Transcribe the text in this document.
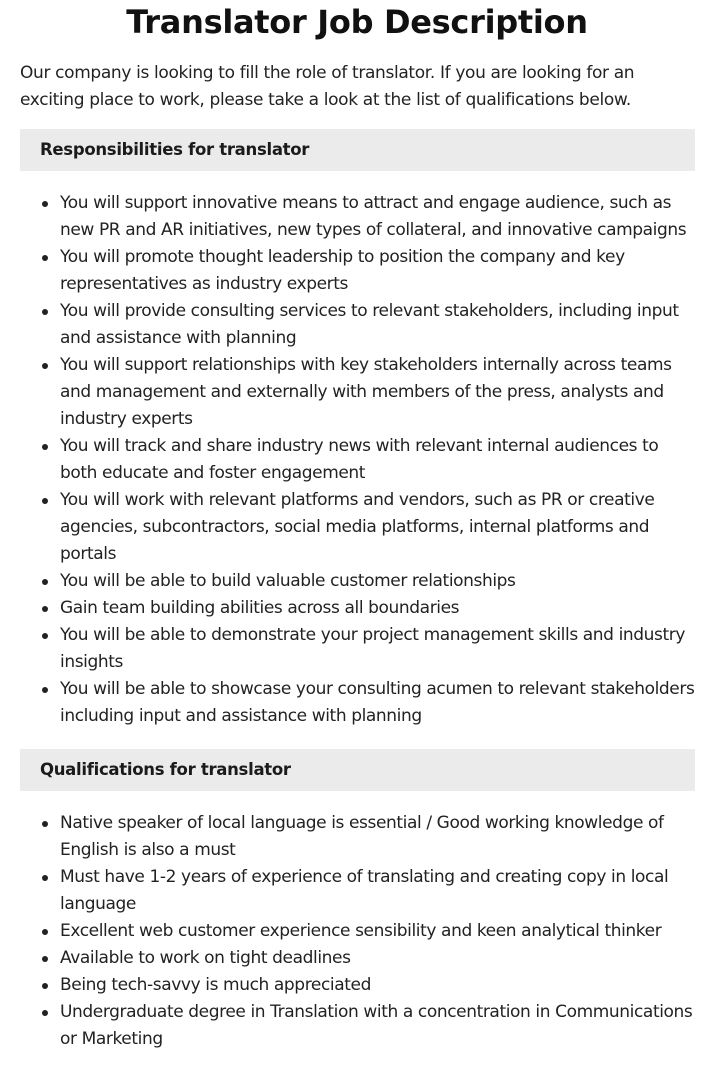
Translator Job Description

Our company is looking to fill the role of translator. If you are looking for an exciting place to work, please take a look at the list of qualifications below.

Responsibilities for translator
You will support innovative means to attract and engage audience, such as new PR and AR initiatives, new types of collateral, and innovative campaigns
You will promote thought leadership to position the company and key representatives as industry experts
You will provide consulting services to relevant stakeholders, including input and assistance with planning
You will support relationships with key stakeholders internally across teams and management and externally with members of the press, analysts and industry experts
You will track and share industry news with relevant internal audiences to both educate and foster engagement
You will work with relevant platforms and vendors, such as PR or creative agencies, subcontractors, social media platforms, internal platforms and portals
You will be able to build valuable customer relationships
Gain team building abilities across all boundaries
You will be able to demonstrate your project management skills and industry insights
You will be able to showcase your consulting acumen to relevant stakeholders including input and assistance with planning
Qualifications for translator
Native speaker of local language is essential / Good working knowledge of English is also a must
Must have 1-2 years of experience of translating and creating copy in local language
Excellent web customer experience sensibility and keen analytical thinker
Available to work on tight deadlines
Being tech-savvy is much appreciated
Undergraduate degree in Translation with a concentration in Communications or Marketing
